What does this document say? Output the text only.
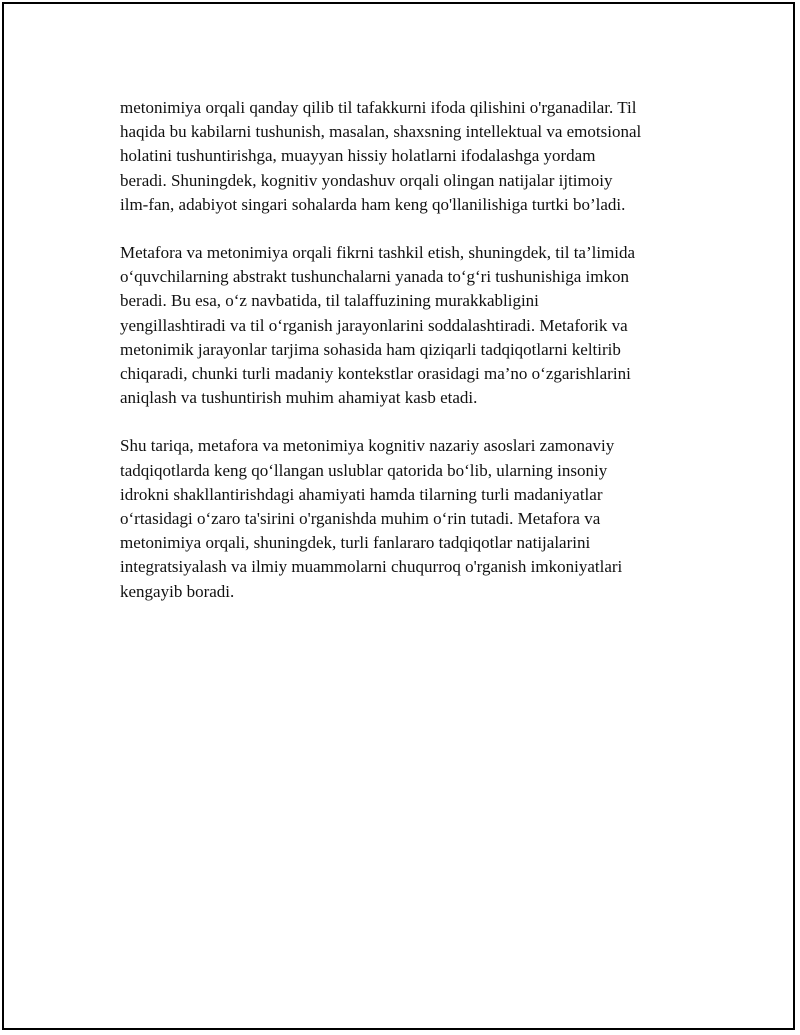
metonimiya orqali qanday qilib til tafakkurni ifoda qilishini o'rganadilar. Til
haqida bu kabilarni tushunish, masalan, shaxsning intellektual va emotsional
holatini tushuntirishga, muayyan hissiy holatlarni ifodalashga yordam
beradi. Shuningdek, kognitiv yondashuv orqali olingan natijalar ijtimoiy
ilm-fan, adabiyot singari sohalarda ham keng qo'llanilishiga turtki bo’ladi.

Metafora va metonimiya orqali fikrni tashkil etish, shuningdek, til ta’limida
o‘quvchilarning abstrakt tushunchalarni yanada to‘g‘ri tushunishiga imkon
beradi. Bu esa, o‘z navbatida, til talaffuzining murakkabligini
yengillashtiradi va til o‘rganish jarayonlarini soddalashtiradi. Metaforik va
metonimik jarayonlar tarjima sohasida ham qiziqarli tadqiqotlarni keltirib
chiqaradi, chunki turli madaniy kontekstlar orasidagi ma’no o‘zgarishlarini
aniqlash va tushuntirish muhim ahamiyat kasb etadi.

Shu tariqa, metafora va metonimiya kognitiv nazariy asoslari zamonaviy
tadqiqotlarda keng qo‘llangan uslublar qatorida bo‘lib, ularning insoniy
idrokni shakllantirishdagi ahamiyati hamda tilarning turli madaniyatlar
o‘rtasidagi o‘zaro ta'sirini o'rganishda muhim o‘rin tutadi. Metafora va
metonimiya orqali, shuningdek, turli fanlararo tadqiqotlar natijalarini
integratsiyalash va ilmiy muammolarni chuqurroq o'rganish imkoniyatlari
kengayib boradi.
